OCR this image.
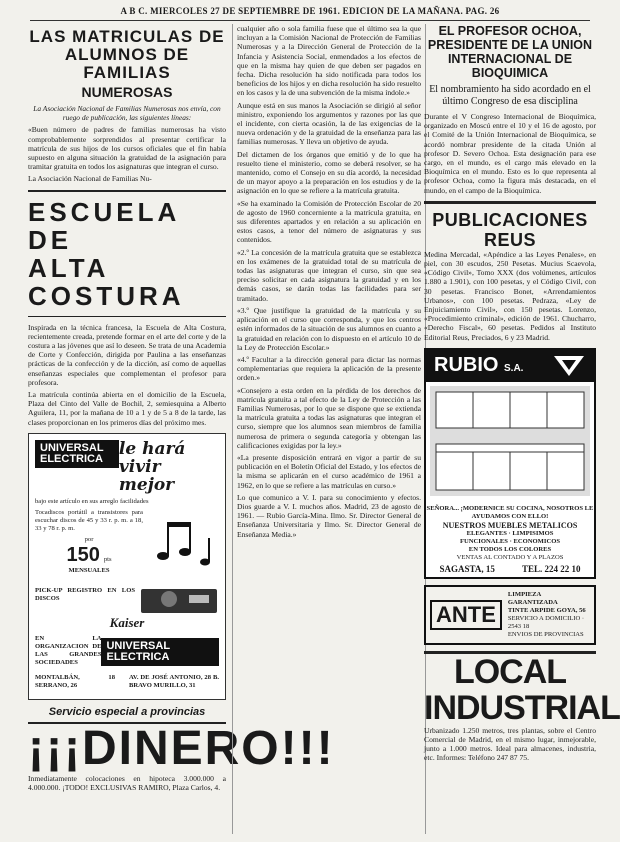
A B C. MIERCOLES 27 DE SEPTIEMBRE DE 1961. EDICION DE LA MAÑANA. PAG. 26
LAS MATRICULAS DE ALUMNOS DE FAMILIAS
NUMEROSAS

La Asociación Nacional de Familias Numerosas nos envía, con ruego de publicación, las siguientes líneas:

«Buen número de padres de familias numerosas ha visto comprobablemente sorprendidos al presentar certificar la matrícula de sus hijos de los cursos oficiales que el fin había supuesto en alguna situación la gratuidad de la asignación para tramitar gratuita en todos los asignaturas que integran el curso.

La Asociación Nacional de Familias Nu-

ESCUELA DE
ALTA COSTURA

Inspirada en la técnica francesa, la Escuela de Alta Costura, recientemente creada, pretende formar en el arte del corte y de la costura a las jóvenes que así lo deseen. Se trata de una Academia de Corte y Confección, dirigida por Paulina a las enseñanzas prácticas de la confección y de la dicción, así como de aquellas enseñanzas especiales que complementan el profesor para profesora.

La matrícula continúa abierta en el domicilio de la Escuela, Plaza del Cinto del Valle de Bochil, 2, semiesquina a Alberto Aguilera, 11, por la mañana de 10 a 1 y de 5 a 8 de la tarde, las clases proporcionan en los primeros días del próximo mes.

UNIVERSAL ELECTRICA le hará vivir mejor

bajo este artículo en sus arreglo facilidades

Tocadiscos portátil a transistores para escuchar discos de 45 y 33 r. p. m. a 18, 33 y 78 r. p. m.

por
150 pts
MENSUALES

PICK-UP REGISTRO EN LOS DISCOS

Kaiser

EN LA ORGANIZACION DE LAS GRANDES SOCIEDADES

UNIVERSAL ELECTRICA

MONTALBÁN, 18 SERRANO, 26

AV. DE JOSÉ ANTONIO, 28 B. BRAVO MURILLO, 31

Servicio especial a provincias
¡¡¡DINERO!!!

Inmediatamente colocaciones en hipoteca 3.000.000 a 4.000.000. ¡TODO! EXCLUSIVAS RAMIRO, Plaza Carlos, 4.

cualquier año o sola familia fuese que el último sea la que incluyan a la Comisión Nacional de Protección de Familias Numerosas y a la Dirección General de Protección de la Infancia y Asistencia Social, enmendados a los efectos de que en la misma hay quien de que deben ser pagados en fecha. Dicha resolución ha sido notificada para todos los beneficios de los hijos y en dicha resolución ha sido resuelto en los casos y la de una subvención de la misma índole.»

Aunque está en sus manos la Asociación se dirigió al señor ministro, exponiendo los argumentos y razones por las que el incidente, con cierta ocasión, la de las exigencias de la nueva ordenación y de la gratuidad de la enseñanza para las familias numerosas. Y lleva un objetivo de ayuda.

Del dictamen de los órganos que emitió y de lo que ha resuelto tiene el ministerio, como se deberá resolver, se ha mantenido, como el Consejo en su día acordó, la necesidad de un mayor apoyo a la preparación en los estudios y de la asignación en lo que se refiere a la matrícula gratuita.

«Se ha examinado la Comisión de Protección Escolar de 20 de agosto de 1960 concerniente a la matrícula gratuita, en sus diferentes apartados y en relación a su aplicación en estos casos, a tenor del número de asignaturas y sus contenidos.

«2.º La concesión de la matrícula gratuita que se establezca en los exámenes de la gratuidad total de su matrícula de todas las asignaturas que integran el curso, sin que sea preciso solicitar en cada asignatura la gratuidad y en los demás casos, se darán todas las facilidades para ser tramitado.

«3.º Que justifique la gratuidad de la matrícula y su aplicación en el curso que corresponda, y que los centros estén informados de la situación de sus alumnos en cuanto a la gratuidad en relación con lo dispuesto en el artículo 10 de la Ley de Protección Escolar.»

«4.º Facultar a la dirección general para dictar las normas complementarias que requiera la aplicación de la presente orden.»

«Consejero a esta orden en la pérdida de los derechos de matrícula gratuita a tal efecto de la Ley de Protección a las Familias Numerosas, por lo que se dispone que se extienda la matrícula gratuita a todas las asignaturas que integran el curso, siempre que los alumnos sean miembros de familia numerosa de primera o segunda categoría y obtengan las calificaciones exigidas por la ley.»

«La presente disposición entrará en vigor a partir de su publicación en el Boletín Oficial del Estado, y los efectos de la misma se aplicarán en el curso académico de 1961 a 1962, en lo que se refiere a las matrículas en curso.»

Lo que comunico a V. I. para su conocimiento y efectos. Dios guarde a V. I. muchos años. Madrid, 23 de agosto de 1961. — Rubio García-Mina. Ilmo. Sr. Director General de Enseñanza Universitaria y Ilmo. Sr. Director General de Enseñanza Media.»

EL PROFESOR OCHOA, PRESIDENTE DE LA UNION INTERNACIONAL DE BIOQUIMICA
El nombramiento ha sido acordado en el último Congreso de esa disciplina

Durante el V Congreso Internacional de Bioquímica, organizado en Moscú entre el 10 y el 16 de agosto, por el Comité de la Unión Internacional de Bioquímica, se acordó nombrar presidente de la citada Unión al profesor D. Severo Ochoa. Esta designación para ese cargo, en el mundo, es el cargo más elevado en la Bioquímica en el mundo. Esto es lo que representa al profesor Ochoa, como la figura más destacada, en el mundo, en el campo de la Bioquímica.

PUBLICACIONES REUS

Medina Mercadal, «Apéndice a las Leyes Penales», en piel, con 30 escudos, 250 Pesetas. Mucius Scaevola, «Código Civil», Tomo XXX (dos volúmenes, artículos 1.880 a 1.901), con 100 pesetas, y el Código Civil, con 30 pesetas. Francisco Bonet, «Arrendamientos Urbanos», con 100 pesetas. Pedraza, «Ley de Enjuiciamiento Civil», con 150 pesetas. Lorenzo, «Procedimiento criminal», edición de 1961. Chucharro, «Derecho Fiscal», 60 pesetas. Pedidos al Instituto Editorial Reus, Preciados, 6 y 23 Madrid.

RUBIO S.A.
SEÑORA... ¡MODERNICE SU COCINA, NOSOTROS LE AYUDAMOS CON ELLO!
NUESTROS MUEBLES METALICOS
ELEGANTES · LIMPISIMOS
FUNCIONALES · ECONOMICOS
EN TODOS LOS COLORES
VENTAS AL CONTADO Y A PLAZOS
SAGASTA, 15	TEL. 224 22 10
ANTE
LIMPIEZA GARANTIZADA
TINTE ARPIDE GOYA, 56
SERVICIO A DOMICILIO · 2543 18
ENVIOS DE PROVINCIAS
LOCAL INDUSTRIAL

Urbanizado 1.250 metros, tres plantas, sobre el Centro Comercial de Madrid, en el mismo lugar, inmejorable, junto a 1.000 metros. Ideal para almacenes, industria, etc. Informes: Teléfono 247 87 75.
